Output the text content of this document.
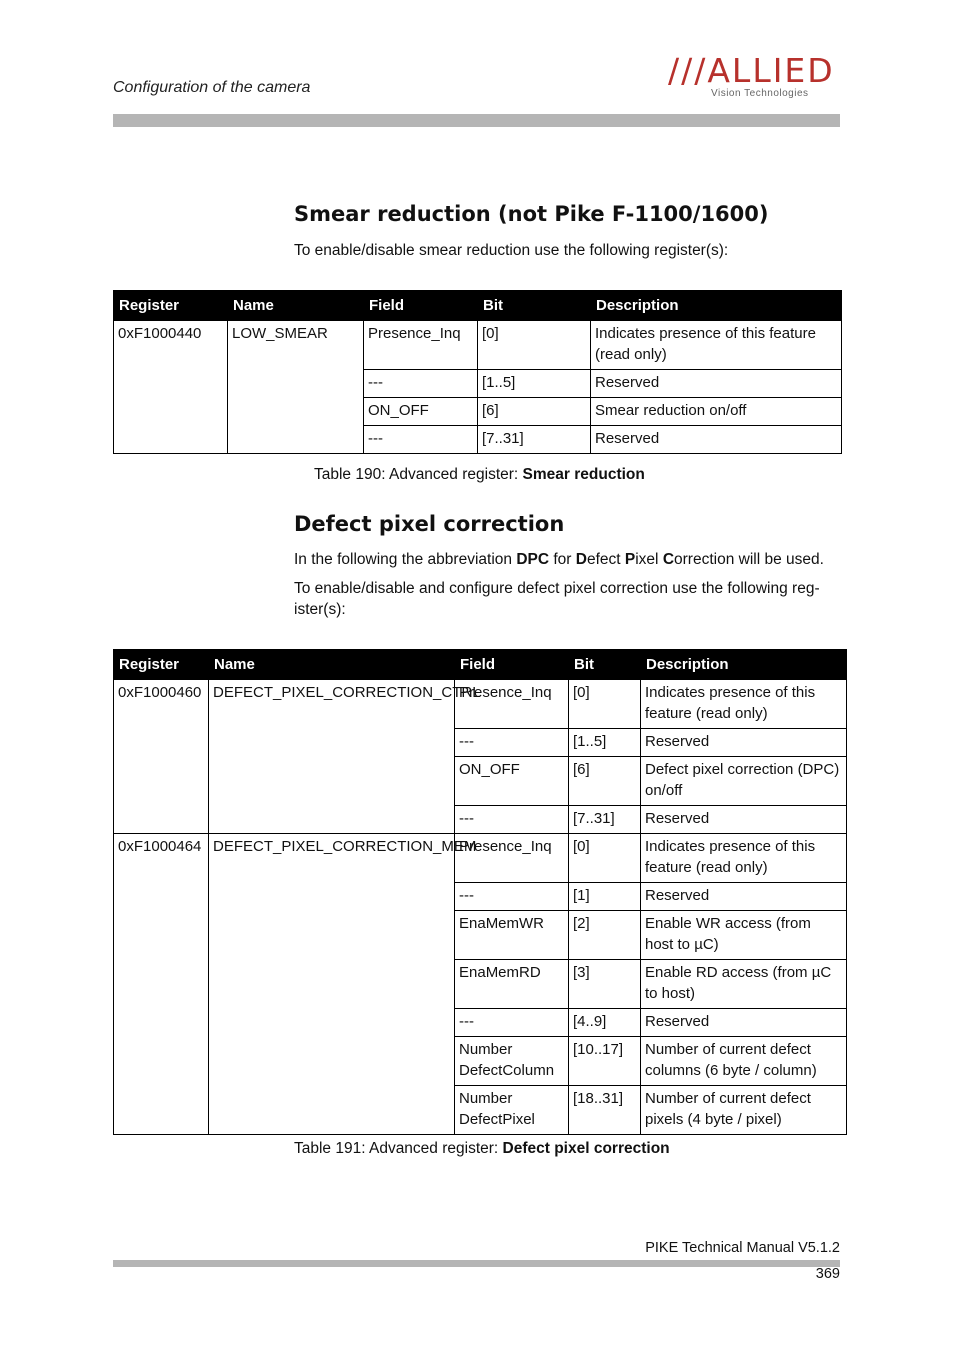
Configuration of the camera	///ALLIED
Vision Technologies
Smear reduction (not Pike F-1100/1600)
To enable/disable smear reduction use the following register(s):
Register	Name	Field	Bit	Description
0xF1000440	LOW_SMEAR	Presence_Inq	[0]	Indicates presence of this feature (read only)
		---	[1..5]	Reserved
		ON_OFF	[6]	Smear reduction on/off
		---	[7..31]	Reserved
Table 190: Advanced register: Smear reduction
Defect pixel correction
In the following the abbreviation DPC for Defect Pixel Correction will be used.
To enable/disable and configure defect pixel correction use the following reg-ister(s):
Register	Name	Field	Bit	Description
0xF1000460	DEFECT_PIXEL_CORRECTION_CTRL	Presence_Inq	[0]	Indicates presence of this feature (read only)
		---	[1..5]	Reserved
		ON_OFF	[6]	Defect pixel correction (DPC) on/off
		---	[7..31]	Reserved
0xF1000464	DEFECT_PIXEL_CORRECTION_MEM	Presence_Inq	[0]	Indicates presence of this feature (read only)
		---	[1]	Reserved
		EnaMemWR	[2]	Enable WR access (from host to µC)
		EnaMemRD	[3]	Enable RD access (from µC to host)
		---	[4..9]	Reserved
		Number DefectColumn	[10..17]	Number of current defect columns (6 byte / column)
		Number DefectPixel	[18..31]	Number of current defect pixels (4 byte / pixel)
Table 191: Advanced register: Defect pixel correction
PIKE Technical Manual V5.1.2
369
